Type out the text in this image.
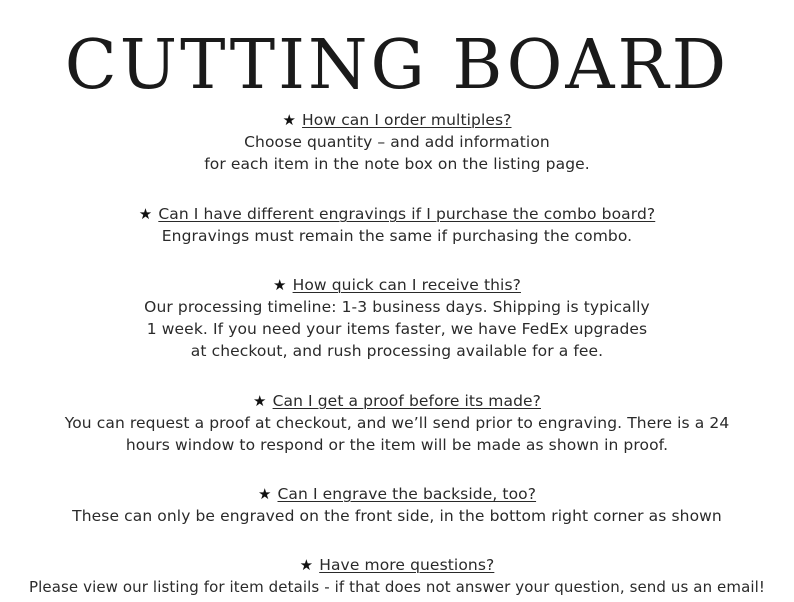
CUTTING BOARD
★ How can I order multiples?
Choose quantity – and add information
for each item in the note box on the listing page.
★ Can I have different engravings if I purchase the combo board?
Engravings must remain the same if purchasing the combo.
★ How quick can I receive this?
Our processing timeline: 1-3 business days. Shipping is typically
1 week. If you need your items faster, we have FedEx upgrades
at checkout, and rush processing available for a fee.
★ Can I get a proof before its made?
You can request a proof at checkout, and we’ll send prior to engraving. There is a 24
hours window to respond or the item will be made as shown in proof.
★ Can I engrave the backside, too?
These can only be engraved on the front side, in the bottom right corner as shown
★ Have more questions?
Please view our listing for item details - if that does not answer your question, send us an email!
